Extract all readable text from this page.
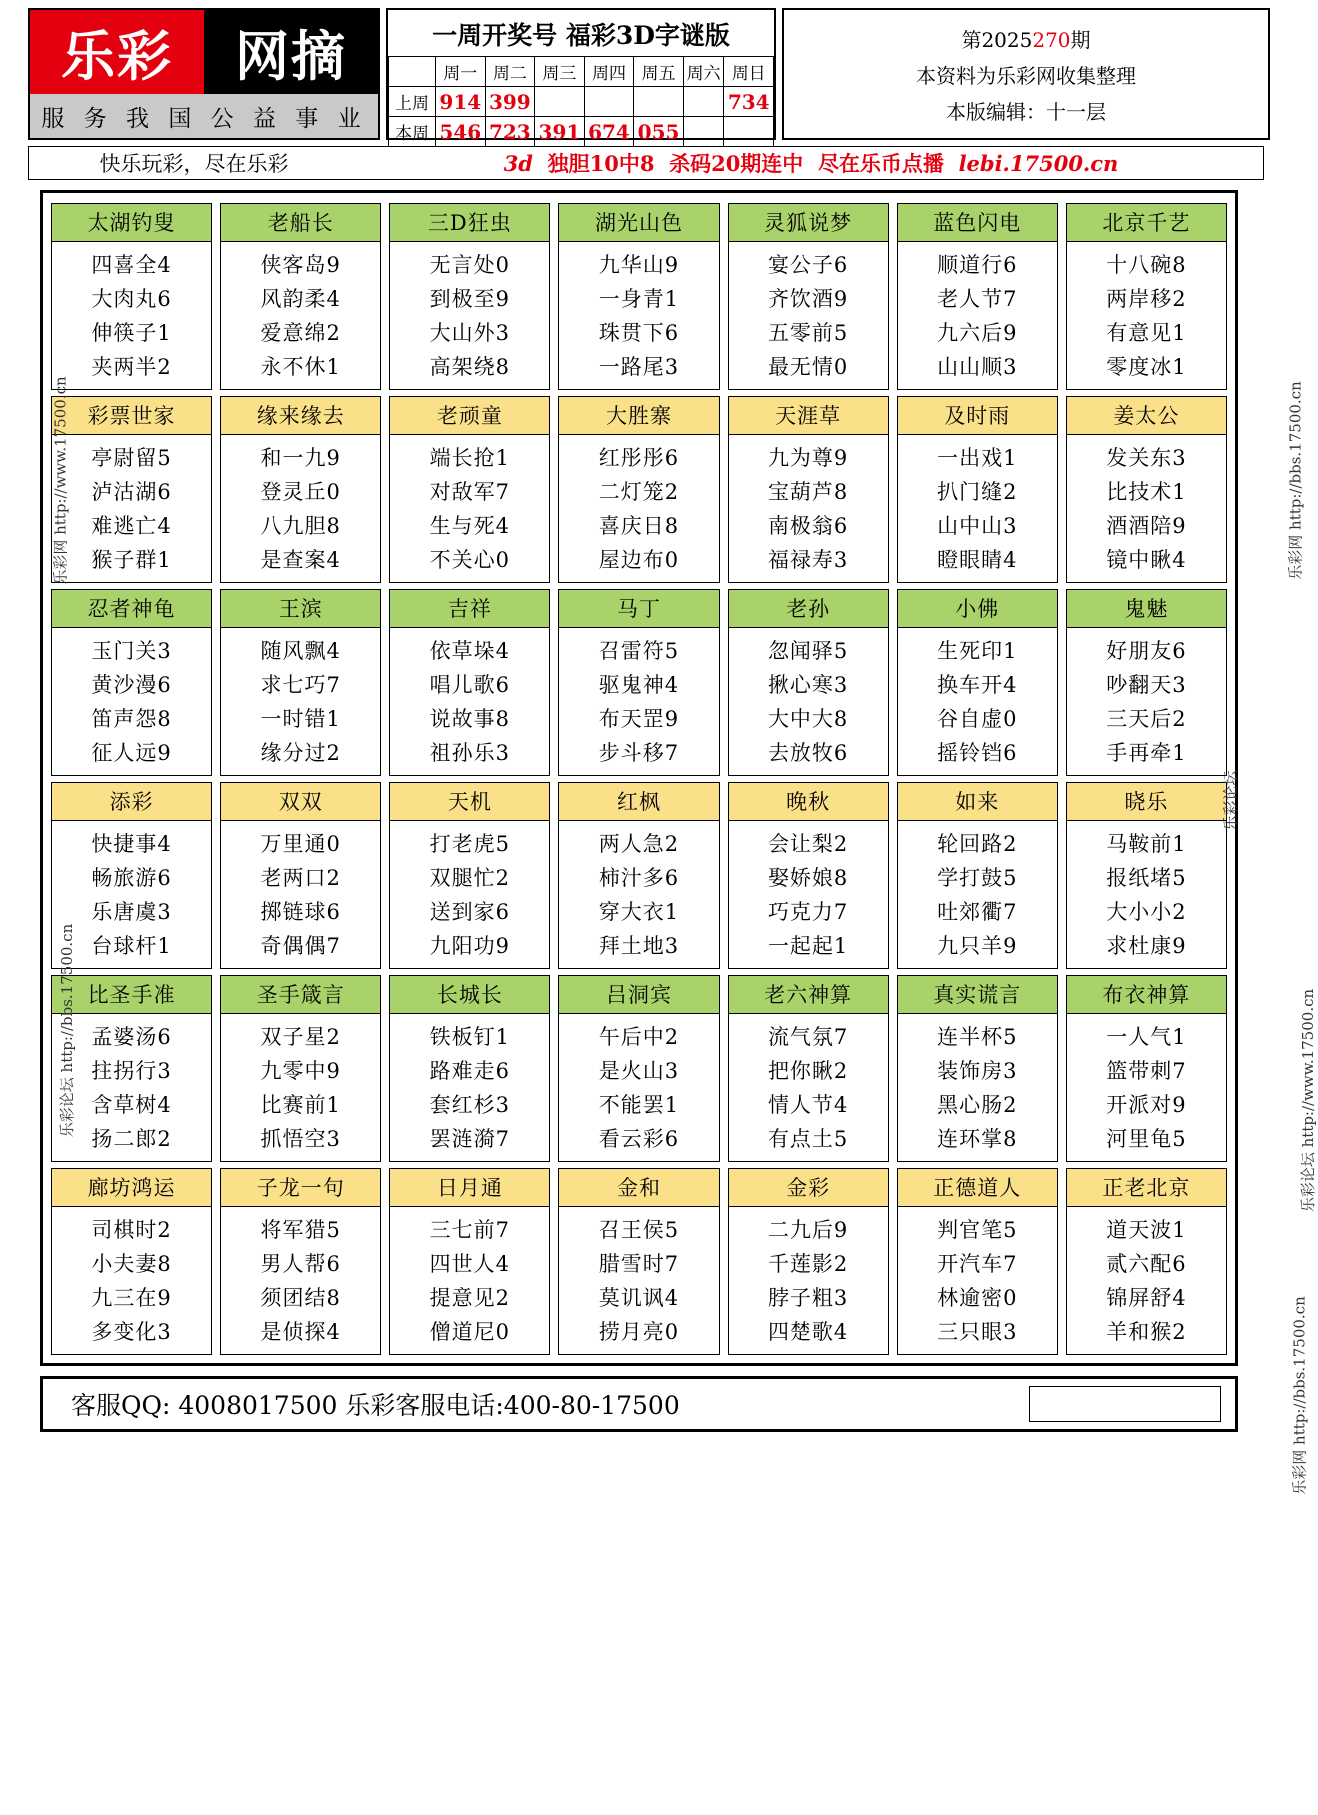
乐彩	网摘
服 务 我 国 公 益 事 业
一周开奖号 福彩3D字谜版
	周一	周二	周三	周四	周五	周六	周日
上周	914	399					734
本周	546	723	391	674	055		
第2025270期
本资料为乐彩网收集整理
本版编辑：十一层
快乐玩彩，尽在乐彩	3d 独胆10中8 杀码20期连中 尽在乐币点播 lebi.17500.cn
乐彩网 http://www.17500.cn
乐彩论坛 http://bbs.17500.cn
乐彩网 http://bbs.17500.cn
乐彩论坛
乐彩论坛 http://www.17500.cn
乐彩网 http://bbs.17500.cn
太湖钓叟
四喜全4
大肉丸6
伸筷子1
夹两半2
老船长
侠客岛9
风韵柔4
爱意绵2
永不休1
三D狂虫
无言处0
到极至9
大山外3
高架绕8
湖光山色
九华山9
一身青1
珠贯下6
一路尾3
灵狐说梦
宴公子6
齐饮酒9
五零前5
最无情0
蓝色闪电
顺道行6
老人节7
九六后9
山山顺3
北京千艺
十八碗8
两岸移2
有意见1
零度冰1
彩票世家
亭尉留5
泸沽湖6
难逃亡4
猴子群1
缘来缘去
和一九9
登灵丘0
八九胆8
是查案4
老顽童
端长抢1
对敌军7
生与死4
不关心0
大胜寨
红彤彤6
二灯笼2
喜庆日8
屋边布0
天涯草
九为尊9
宝葫芦8
南极翁6
福禄寿3
及时雨
一出戏1
扒门缝2
山中山3
瞪眼睛4
姜太公
发关东3
比技术1
酒酒陪9
镜中瞅4
忍者神龟
玉门关3
黄沙漫6
笛声怨8
征人远9
王滨
随风飘4
求七巧7
一时错1
缘分过2
吉祥
依草垛4
唱儿歌6
说故事8
祖孙乐3
马丁
召雷符5
驱鬼神4
布天罡9
步斗移7
老孙
忽闻驿5
揪心寒3
大中大8
去放牧6
小佛
生死印1
换车开4
谷自虚0
摇铃铛6
鬼魅
好朋友6
吵翻天3
三天后2
手再牵1
添彩
快捷事4
畅旅游6
乐唐虞3
台球杆1
双双
万里通0
老两口2
掷链球6
奇偶偶7
天机
打老虎5
双腿忙2
送到家6
九阳功9
红枫
两人急2
柿汁多6
穿大衣1
拜土地3
晚秋
会让梨2
娶娇娘8
巧克力7
一起起1
如来
轮回路2
学打鼓5
吐郊衢7
九只羊9
晓乐
马鞍前1
报纸堵5
大小小2
求杜康9
比圣手准
孟婆汤6
拄拐行3
含草树4
扬二郎2
圣手箴言
双子星2
九零中9
比赛前1
抓悟空3
长城长
铁板钉1
路难走6
套红杉3
罢涟漪7
吕洞宾
午后中2
是火山3
不能罢1
看云彩6
老六神算
流气氛7
把你瞅2
情人节4
有点土5
真实谎言
连半杯5
装饰房3
黑心肠2
连环掌8
布衣神算
一人气1
篮带刺7
开派对9
河里龟5
廊坊鸿运
司棋时2
小夫妻8
九三在9
多变化3
子龙一句
将军猎5
男人帮6
须团结8
是侦探4
日月通
三七前7
四世人4
提意见2
僧道尼0
金和
召王侯5
腊雪时7
莫讥讽4
捞月亮0
金彩
二九后9
千莲影2
脖子粗3
四楚歌4
正德道人
判官笔5
开汽车7
林逾密0
三只眼3
正老北京
道天波1
贰六配6
锦屏舒4
羊和猴2
客服QQ: 4008017500 乐彩客服电话:400-80-17500
